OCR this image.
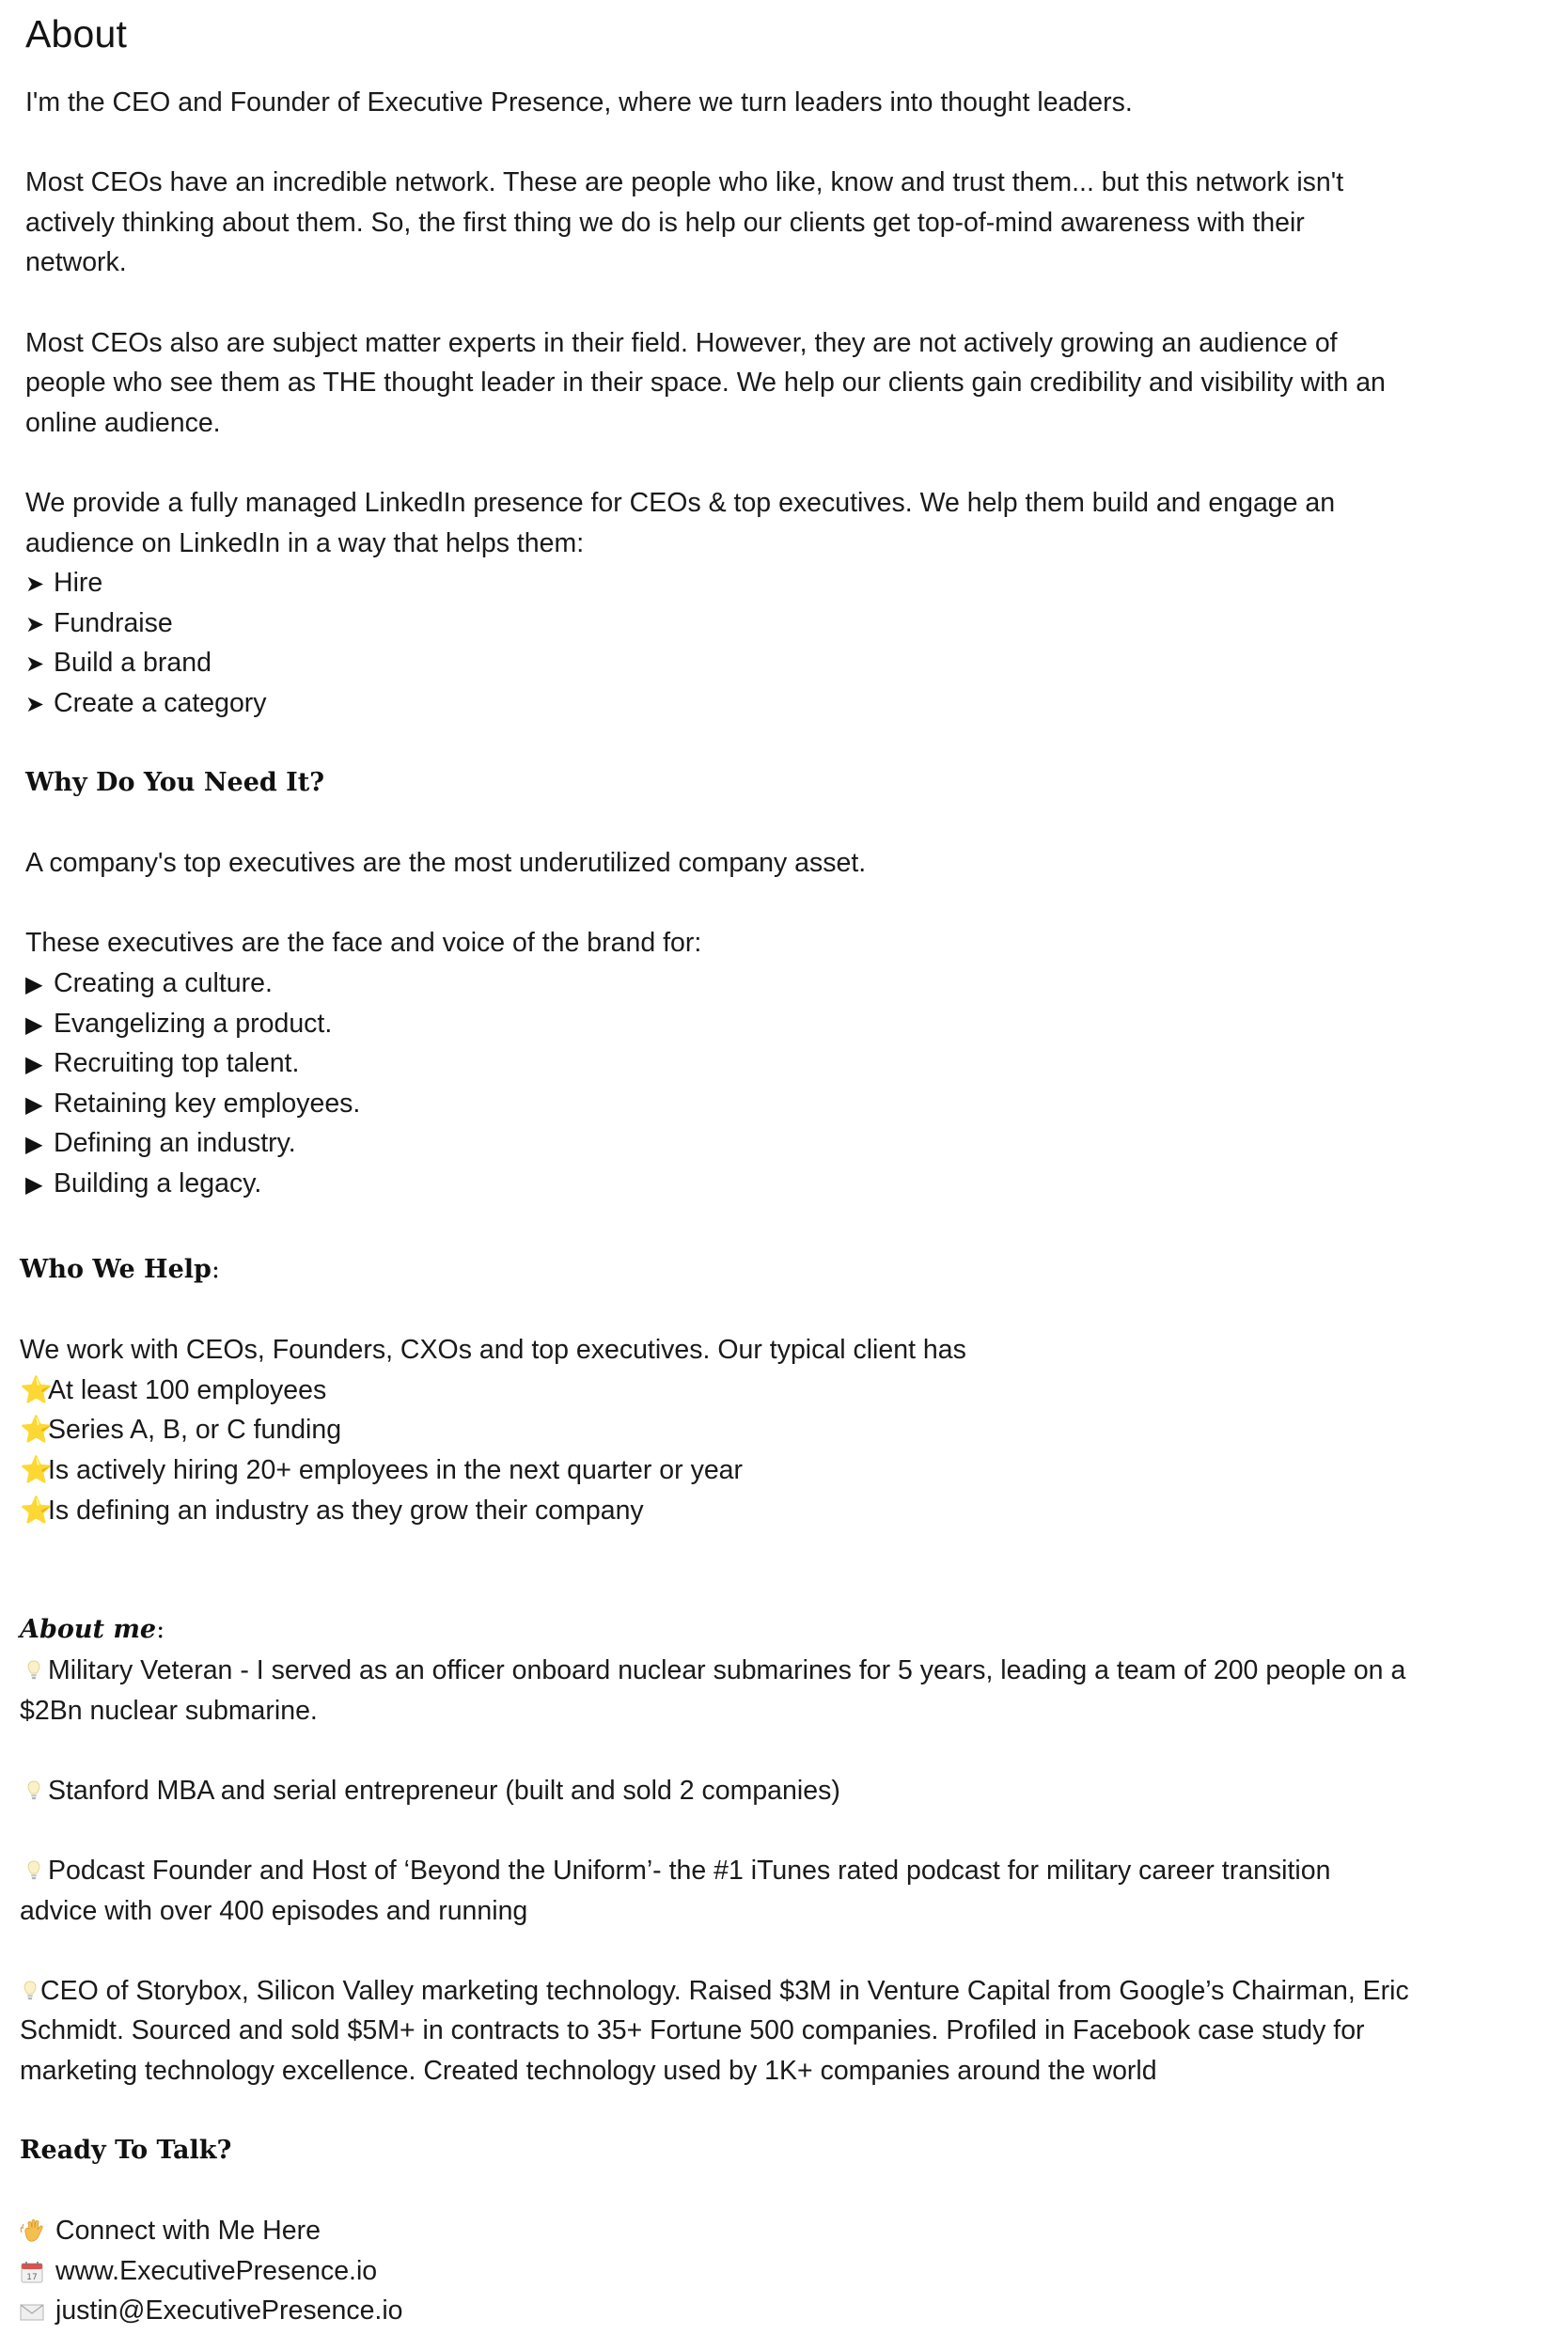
About
I'm the CEO and Founder of Executive Presence, where we turn leaders into thought leaders.
Most CEOs have an incredible network. These are people who like, know and trust them... but this network isn't
actively thinking about them. So, the first thing we do is help our clients get top-of-mind awareness with their
network.
Most CEOs also are subject matter experts in their field. However, they are not actively growing an audience of
people who see them as THE thought leader in their space. We help our clients gain credibility and visibility with an
online audience.
We provide a fully managed LinkedIn presence for CEOs & top executives. We help them build and engage an
audience on LinkedIn in a way that helps them:
➤ Hire
➤ Fundraise
➤ Build a brand
➤ Create a category
Why Do You Need It?
A company's top executives are the most underutilized company asset.
These executives are the face and voice of the brand for:
▶ Creating a culture.
▶ Evangelizing a product.
▶ Recruiting top talent.
▶ Retaining key employees.
▶ Defining an industry.
▶ Building a legacy.
Who We Help:
We work with CEOs, Founders, CXOs and top executives. Our typical client has
⭐At least 100 employees
⭐Series A, B, or C funding
⭐Is actively hiring 20+ employees in the next quarter or year
⭐Is defining an industry as they grow their company
About me:
Military Veteran - I served as an officer onboard nuclear submarines for 5 years, leading a team of 200 people on a
$2Bn nuclear submarine.
Stanford MBA and serial entrepreneur (built and sold 2 companies)
Podcast Founder and Host of ‘Beyond the Uniform’- the #1 iTunes rated podcast for military career transition
advice with over 400 episodes and running
CEO of Storybox, Silicon Valley marketing technology. Raised $3M in Venture Capital from Google’s Chairman, Eric
Schmidt. Sourced and sold $5M+ in contracts to 35+ Fortune 500 companies. Profiled in Facebook case study for
marketing technology excellence. Created technology used by 1K+ companies around the world
Ready To Talk?
Connect with Me Here
17 www.ExecutivePresence.io
justin@ExecutivePresence.io
